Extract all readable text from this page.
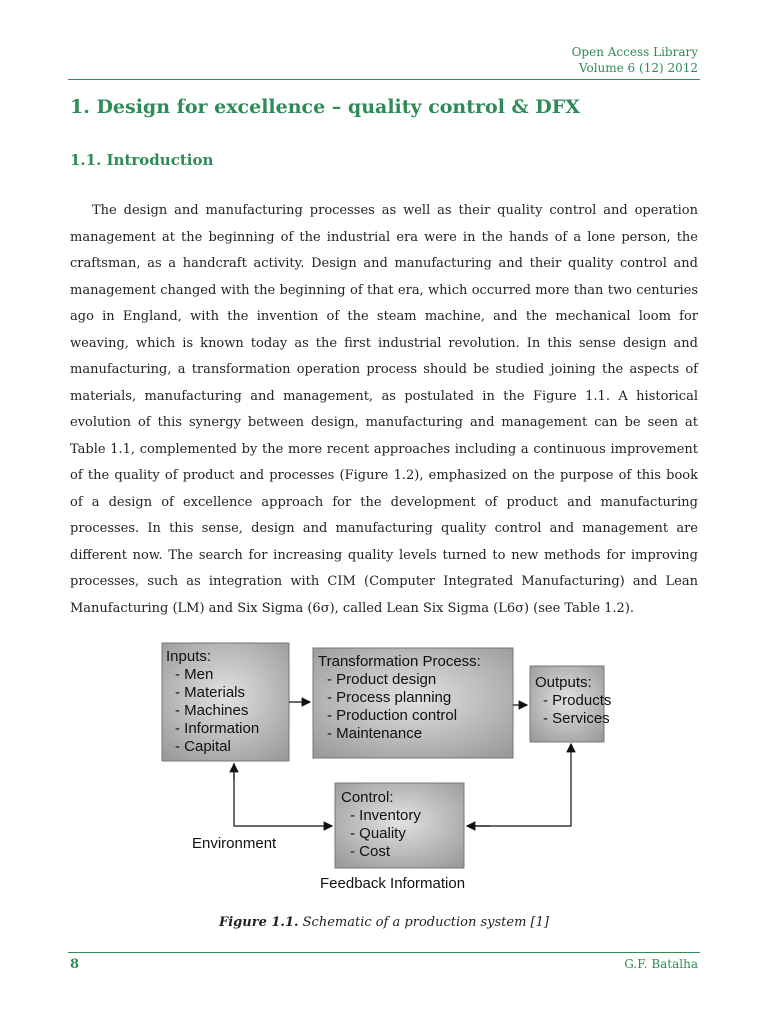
Open Access Library
Volume 6 (12) 2012
1. Design for excellence – quality control & DFX
1.1. Introduction

The design and manufacturing processes as well as their quality control and operation management at the beginning of the industrial era were in the hands of a lone person, the craftsman, as a handcraft activity. Design and manufacturing and their quality control and management changed with the beginning of that era, which occurred more than two centuries ago in England, with the invention of the steam machine, and the mechanical loom for weaving, which is known today as the first industrial revolution. In this sense design and manufacturing, a transformation operation process should be studied joining the aspects of materials, manufacturing and management, as postulated in the Figure 1.1. A historical evolution of this synergy between design, manufacturing and management can be seen at Table 1.1, complemented by the more recent approaches including a continuous improvement of the quality of product and processes (Figure 1.2), emphasized on the purpose of this book of a design of excellence approach for the development of product and manufacturing processes. In this sense, design and manufacturing quality control and management are different now. The search for increasing quality levels turned to new methods for improving processes, such as integration with CIM (Computer Integrated Manufacturing) and Lean Manufacturing (LM) and Six Sigma (6σ), called Lean Six Sigma (L6σ) (see Table 1.2).

Inputs:
- Men
- Materials
- Machines
- Information
- Capital
Transformation Process:
- Product design
- Process planning
- Production control
- Maintenance
Outputs:
- Products
- Services
Control:
- Inventory
- Quality
- Cost
Environment
Feedback Information
Figure 1.1. Schematic of a production system [1]
8	G.F. Batalha
